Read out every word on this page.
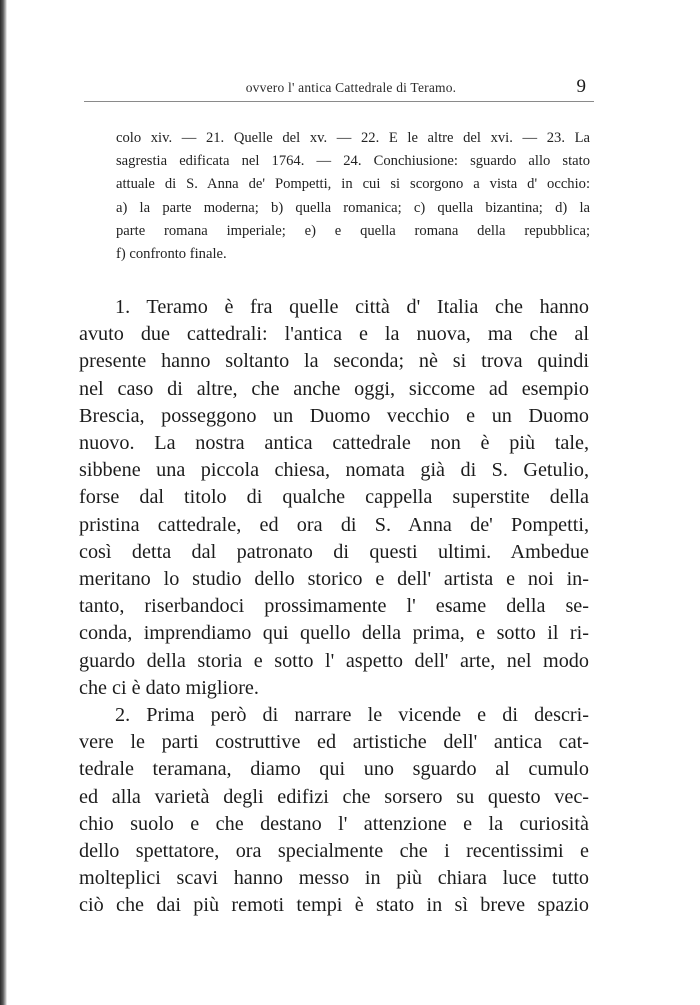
ovvero l' antica Cattedrale di Teramo.	9
colo xiv. — 21. Quelle del xv. — 22. E le altre del xvi. — 23. La
sagrestia edificata nel 1764. — 24. Conchiusione: sguardo allo stato
attuale di S. Anna de' Pompetti, in cui si scorgono a vista d' occhio:
a) la parte moderna; b) quella romanica; c) quella bizantina; d) la
parte romana imperiale; e) e quella romana della repubblica;
f) confronto finale.
1. Teramo è fra quelle città d' Italia che hanno
avuto due cattedrali: l'antica e la nuova, ma che al
presente hanno soltanto la seconda; nè si trova quindi
nel caso di altre, che anche oggi, siccome ad esempio
Brescia, posseggono un Duomo vecchio e un Duomo
nuovo. La nostra antica cattedrale non è più tale,
sibbene una piccola chiesa, nomata già di S. Getulio,
forse dal titolo di qualche cappella superstite della
pristina cattedrale, ed ora di S. Anna de' Pompetti,
così detta dal patronato di questi ultimi. Ambedue
meritano lo studio dello storico e dell' artista e noi in-
tanto, riserbandoci prossimamente l' esame della se-
conda, imprendiamo qui quello della prima, e sotto il ri-
guardo della storia e sotto l' aspetto dell' arte, nel modo
che ci è dato migliore.
2. Prima però di narrare le vicende e di descri-
vere le parti costruttive ed artistiche dell' antica cat-
tedrale teramana, diamo qui uno sguardo al cumulo
ed alla varietà degli edifizi che sorsero su questo vec-
chio suolo e che destano l' attenzione e la curiosità
dello spettatore, ora specialmente che i recentissimi e
molteplici scavi hanno messo in più chiara luce tutto
ciò che dai più remoti tempi è stato in sì breve spazio
